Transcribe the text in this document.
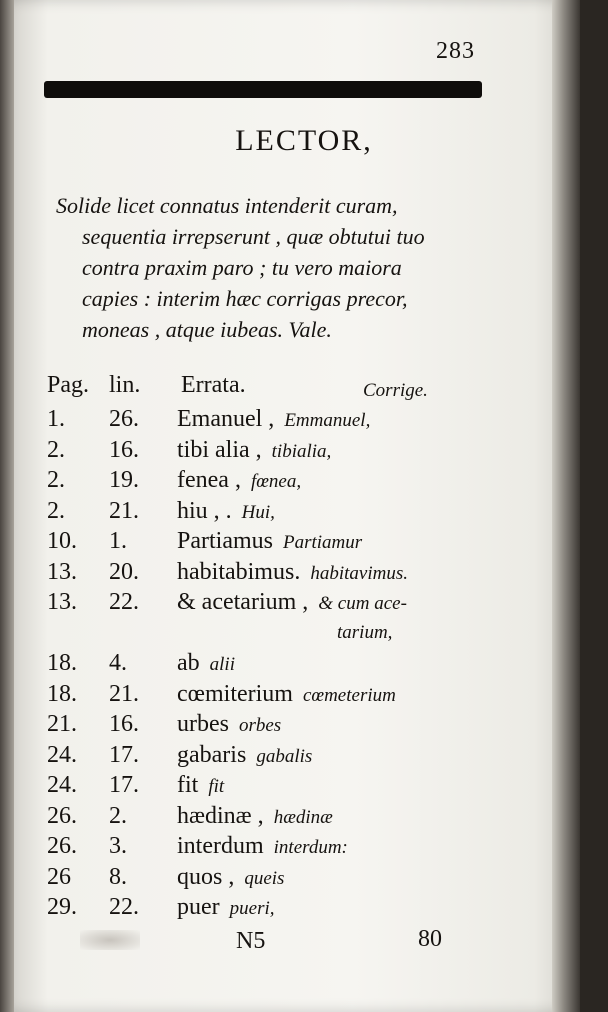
283
LECTOR,
Solide licet connatus intenderit curam,
sequentia irrepserunt , quæ obtutui tuo
contra praxim paro ; tu vero maiora
capies : interim hæc corrigas precor,
moneas , atque iubeas. Vale.
Pag. lin. Errata.	Corrige.
1. 26. Emanuel , Emmanuel,
2. 16. tibi alia , tibialia,
2. 19. fenea , fœnea,
2. 21. hiu , . Hui,
10. 1. Partiamus Partiamur
13. 20. habitabimus. habitavimus.
13. 22. & acetarium , & cum ace-
tarium,
18. 4. ab alii
18. 21. cœmiterium cœmeterium
21. 16. urbes orbes
24. 17. gabaris gabalis
24. 17. fit fit
26. 2. hædinæ , hædinæ
26. 3. interdum interdum:
26 8. quos , queis
29. 22. puer pueri,
N5	80
